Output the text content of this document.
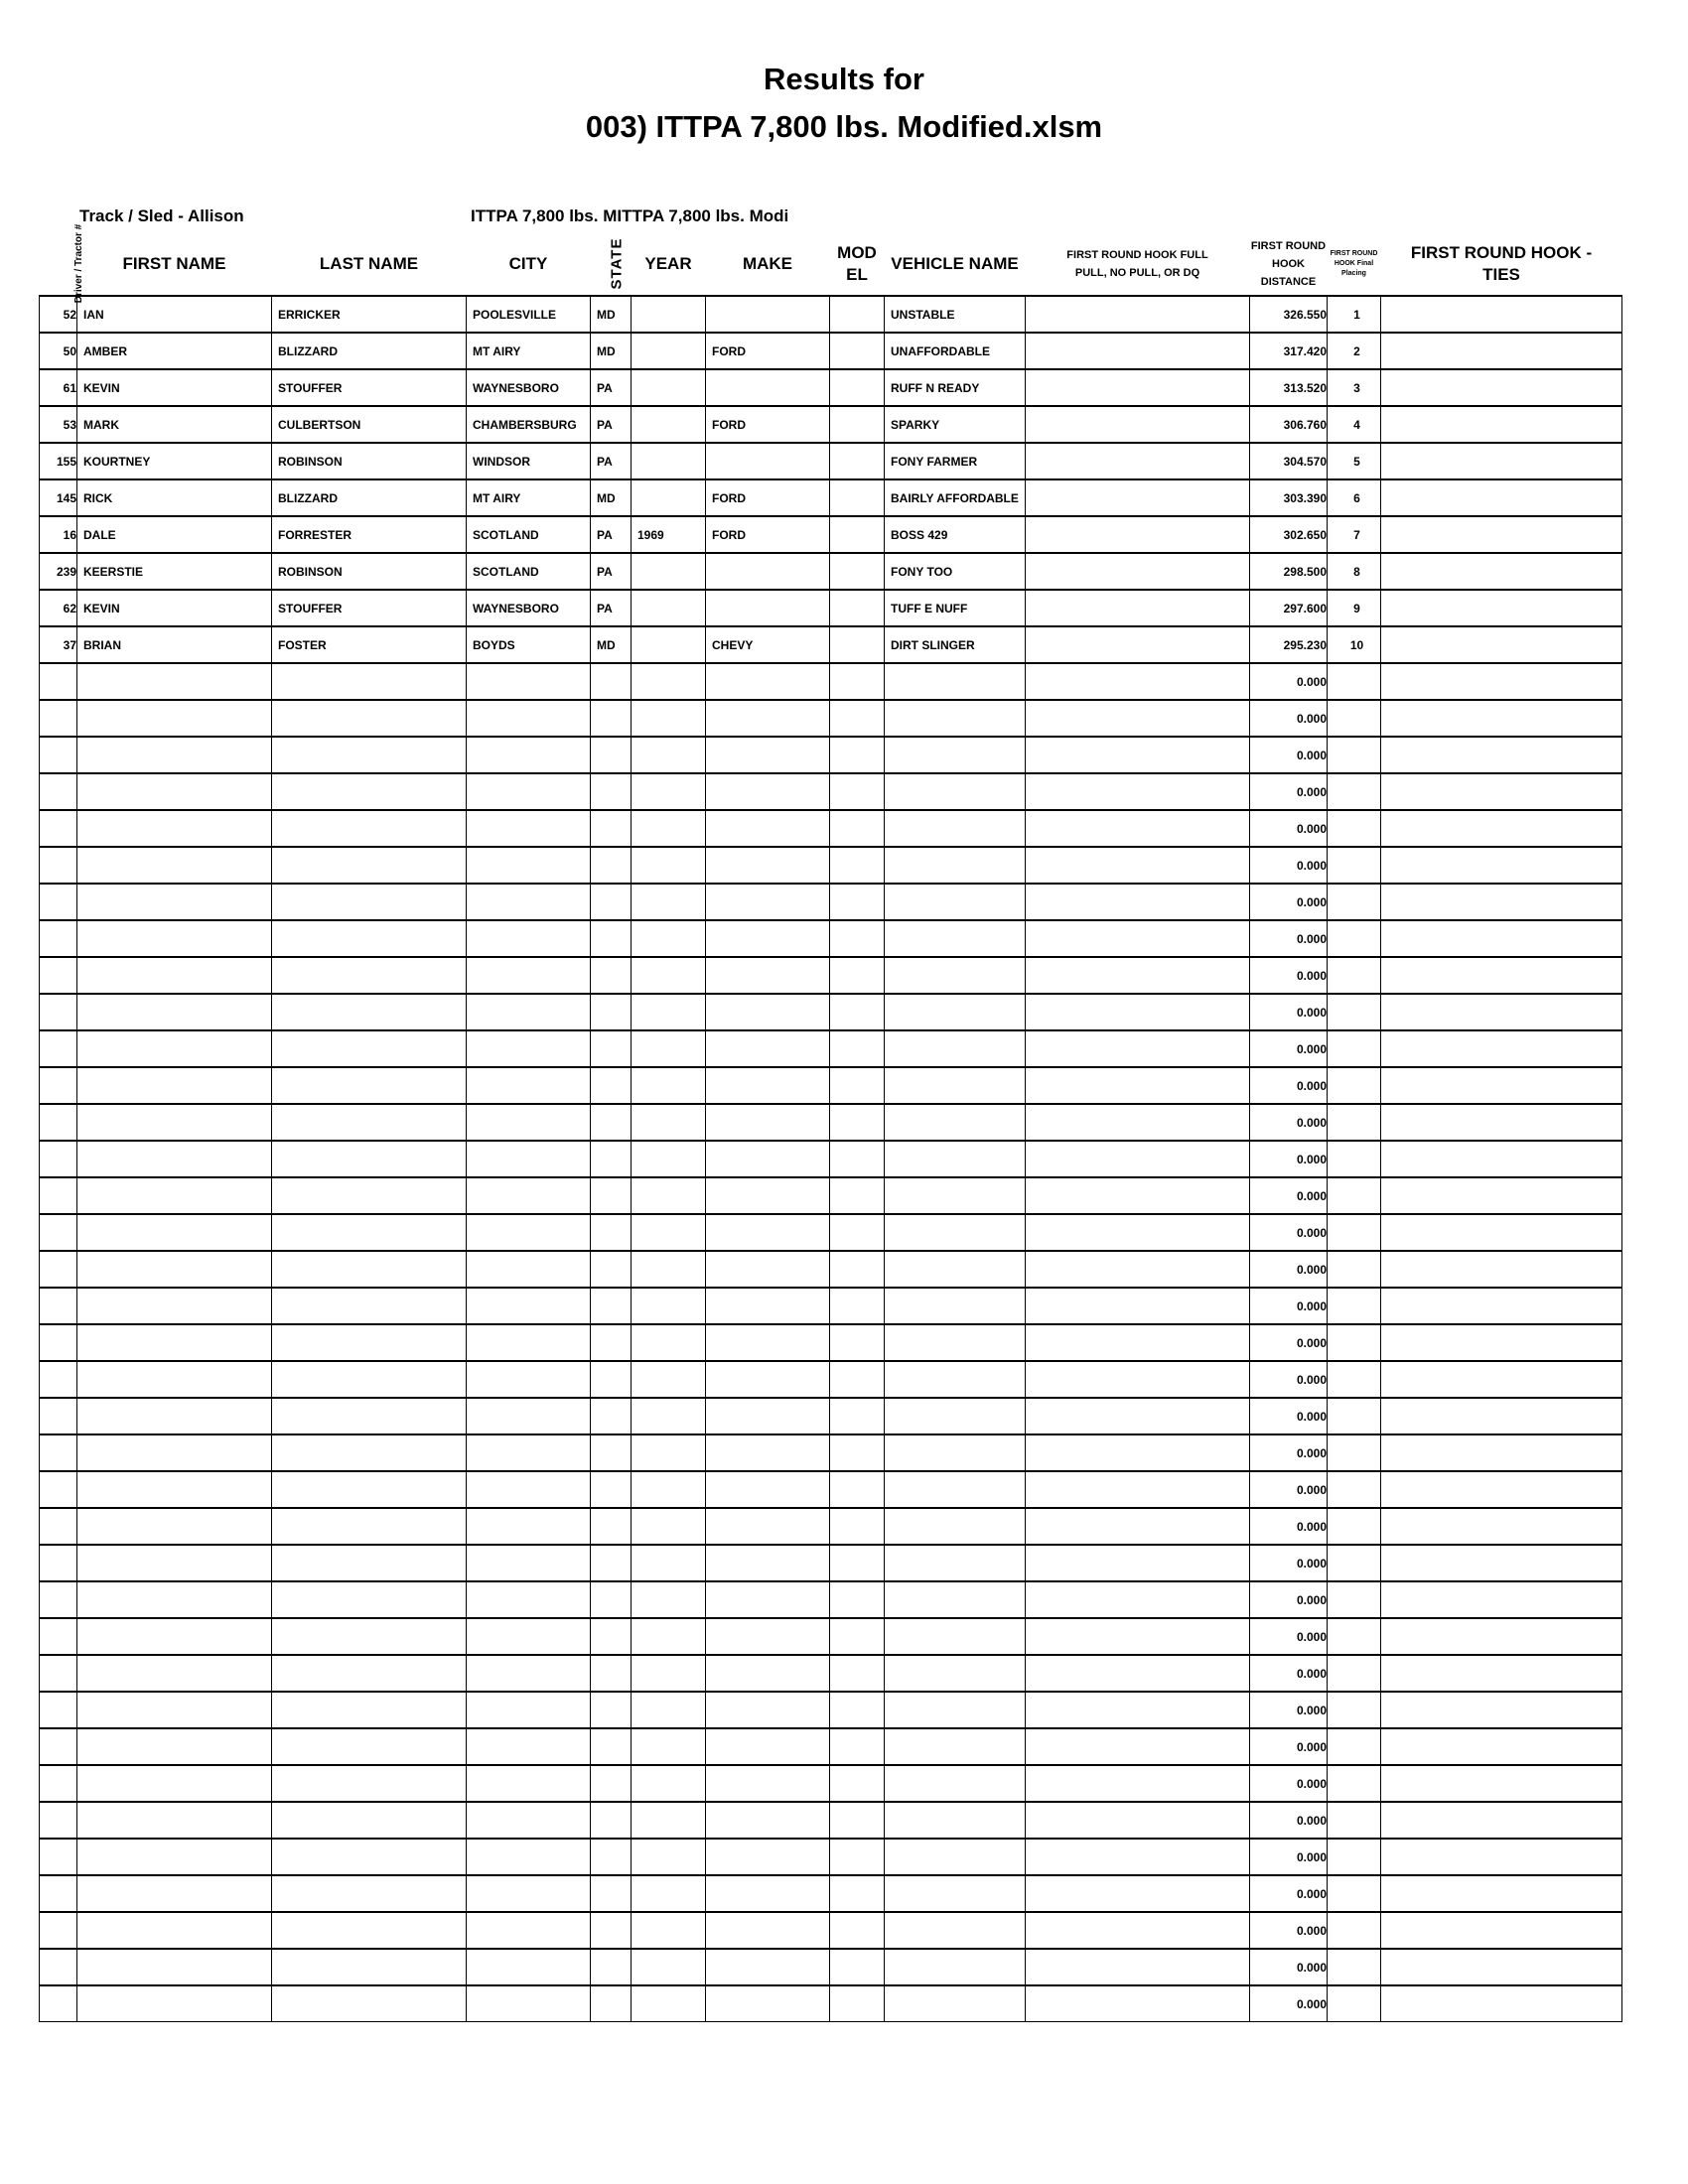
Results for
003) ITTPA 7,800 lbs. Modified.xlsm
Track / Sled - Allison	ITTPA 7,800 lbs. MITTPA 7,800 lbs. Modi
Driver / Tractor #	FIRST NAME	LAST NAME	CITY	STATE	YEAR	MAKE	MOD EL	VEHICLE NAME	FIRST ROUND HOOK FULL PULL, NO PULL, OR DQ	FIRST ROUND HOOK DISTANCE	FIRST ROUND HOOK Final Placing	FIRST ROUND HOOK - TIES
52	IAN	ERRICKER	POOLESVILLE	MD				UNSTABLE		326.550	1	
50	AMBER	BLIZZARD	MT AIRY	MD		FORD		UNAFFORDABLE		317.420	2	
61	KEVIN	STOUFFER	WAYNESBORO	PA				RUFF N READY		313.520	3	
53	MARK	CULBERTSON	CHAMBERSBURG	PA		FORD		SPARKY		306.760	4	
155	KOURTNEY	ROBINSON	WINDSOR	PA				FONY FARMER		304.570	5	
145	RICK	BLIZZARD	MT AIRY	MD		FORD		BAIRLY AFFORDABLE		303.390	6	
16	DALE	FORRESTER	SCOTLAND	PA	1969	FORD		BOSS 429		302.650	7	
239	KEERSTIE	ROBINSON	SCOTLAND	PA				FONY TOO		298.500	8	
62	KEVIN	STOUFFER	WAYNESBORO	PA				TUFF E NUFF		297.600	9	
37	BRIAN	FOSTER	BOYDS	MD		CHEVY		DIRT SLINGER		295.230	10	
										0.000		
										0.000		
										0.000		
										0.000		
										0.000		
										0.000		
										0.000		
										0.000		
										0.000		
										0.000		
										0.000		
										0.000		
										0.000		
										0.000		
										0.000		
										0.000		
										0.000		
										0.000		
										0.000		
										0.000		
										0.000		
										0.000		
										0.000		
										0.000		
										0.000		
										0.000		
										0.000		
										0.000		
										0.000		
										0.000		
										0.000		
										0.000		
										0.000		
										0.000		
										0.000		
										0.000		
										0.000		
